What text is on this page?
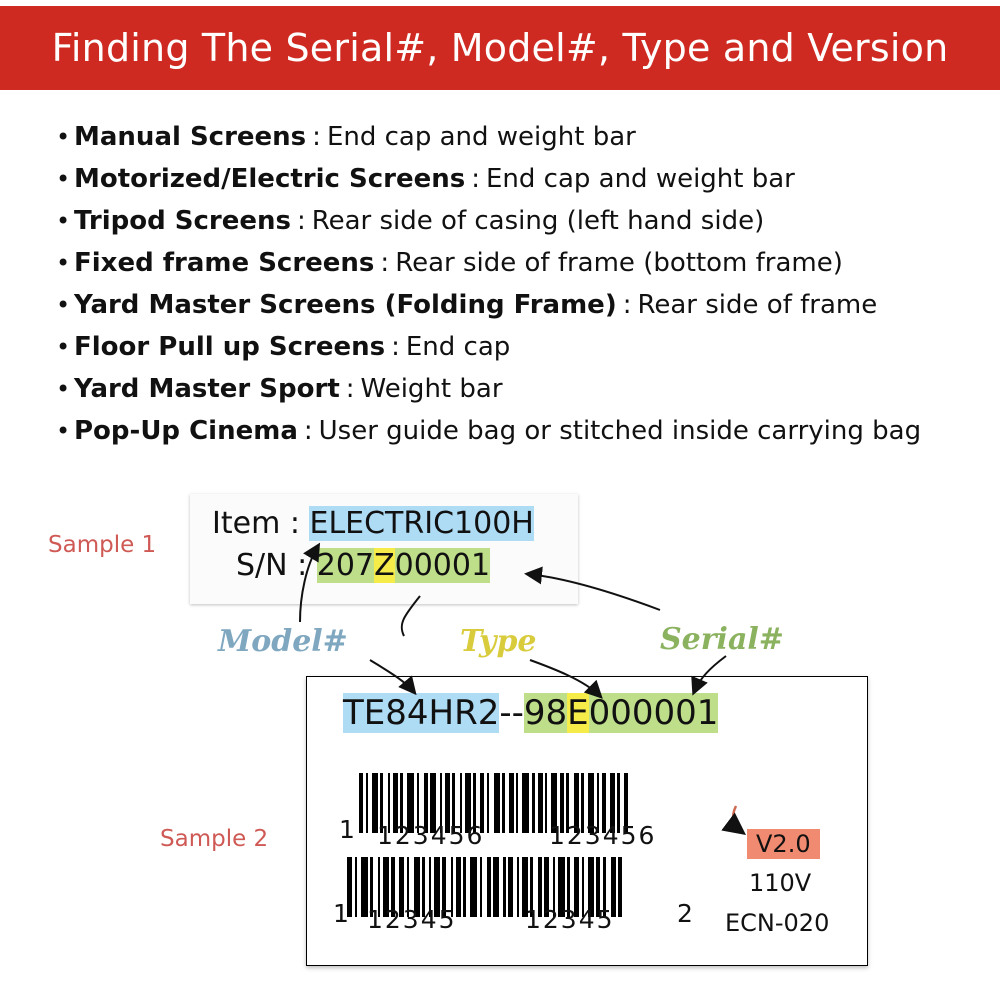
Finding The Serial#, Model#, Type and Version
• Manual Screens : End cap and weight bar
• Motorized/Electric Screens : End cap and weight bar
• Tripod Screens : Rear side of casing (left hand side)
• Fixed frame Screens : Rear side of frame (bottom frame)
• Yard Master Screens (Folding Frame) : Rear side of frame
• Floor Pull up Screens : End cap
• Yard Master Sport : Weight bar
• Pop-Up Cinema : User guide bag or stitched inside carrying bag
Sample 1
Item : ELECTRIC100H
S/N : 207Z00001
Model#	Type	Serial#
Sample 2
TE84HR2--98E000001
1 123456	123456
1 12345	12345 2
V2.0
110V
ECN-020
